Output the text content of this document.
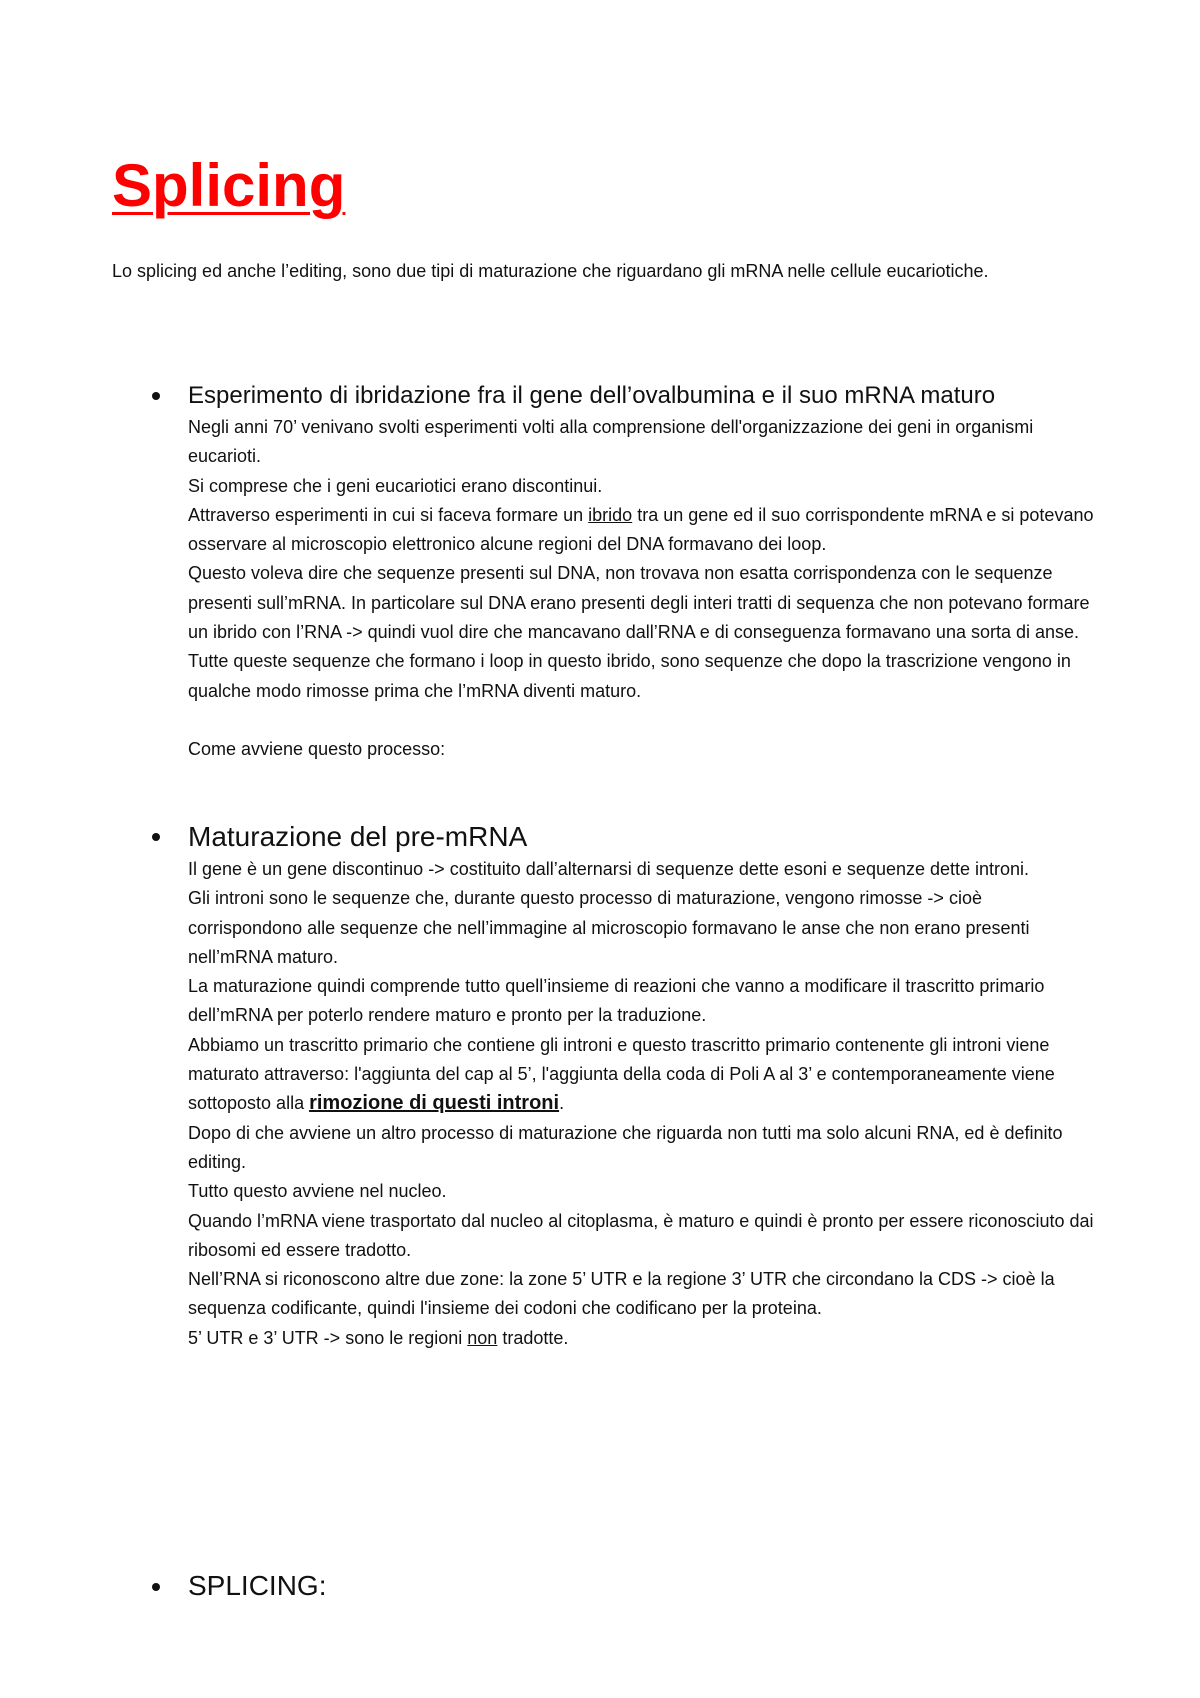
Splicing

Lo splicing ed anche l’editing, sono due tipi di maturazione che riguardano gli mRNA nelle cellule eucariotiche.

Esperimento di ibridazione fra il gene dell’ovalbumina e il suo mRNA maturo

Negli anni 70’ venivano svolti esperimenti volti alla comprensione dell'organizzazione dei geni in organismi eucarioti.

Si comprese che i geni eucariotici erano discontinui.

Attraverso esperimenti in cui si faceva formare un ibrido tra un gene ed il suo corrispondente mRNA e si potevano osservare al microscopio elettronico alcune regioni del DNA formavano dei loop.

Questo voleva dire che sequenze presenti sul DNA, non trovava non esatta corrispondenza con le sequenze presenti sull’mRNA. In particolare sul DNA erano presenti degli interi tratti di sequenza che non potevano formare un ibrido con l’RNA -> quindi vuol dire che mancavano dall’RNA e di conseguenza formavano una sorta di anse.

Tutte queste sequenze che formano i loop in questo ibrido, sono sequenze che dopo la trascrizione vengono in qualche modo rimosse prima che l’mRNA diventi maturo.

Come avviene questo processo:

Maturazione del pre-mRNA

Il gene è un gene discontinuo -> costituito dall’alternarsi di sequenze dette esoni e sequenze dette introni.

Gli introni sono le sequenze che, durante questo processo di maturazione, vengono rimosse -> cioè corrispondono alle sequenze che nell’immagine al microscopio formavano le anse che non erano presenti nell’mRNA maturo.

La maturazione quindi comprende tutto quell’insieme di reazioni che vanno a modificare il trascritto primario dell’mRNA per poterlo rendere maturo e pronto per la traduzione.

Abbiamo un trascritto primario che contiene gli introni e questo trascritto primario contenente gli introni viene maturato attraverso: l'aggiunta del cap al 5’, l'aggiunta della coda di Poli A al 3’ e contemporaneamente viene sottoposto alla rimozione di questi introni.

Dopo di che avviene un altro processo di maturazione che riguarda non tutti ma solo alcuni RNA, ed è definito editing.

Tutto questo avviene nel nucleo.

Quando l’mRNA viene trasportato dal nucleo al citoplasma, è maturo e quindi è pronto per essere riconosciuto dai ribosomi ed essere tradotto.

Nell’RNA si riconoscono altre due zone: la zone 5’ UTR e la regione 3’ UTR che circondano la CDS -> cioè la sequenza codificante, quindi l'insieme dei codoni che codificano per la proteina.

5’ UTR e 3’ UTR -> sono le regioni non tradotte.

SPLICING:
